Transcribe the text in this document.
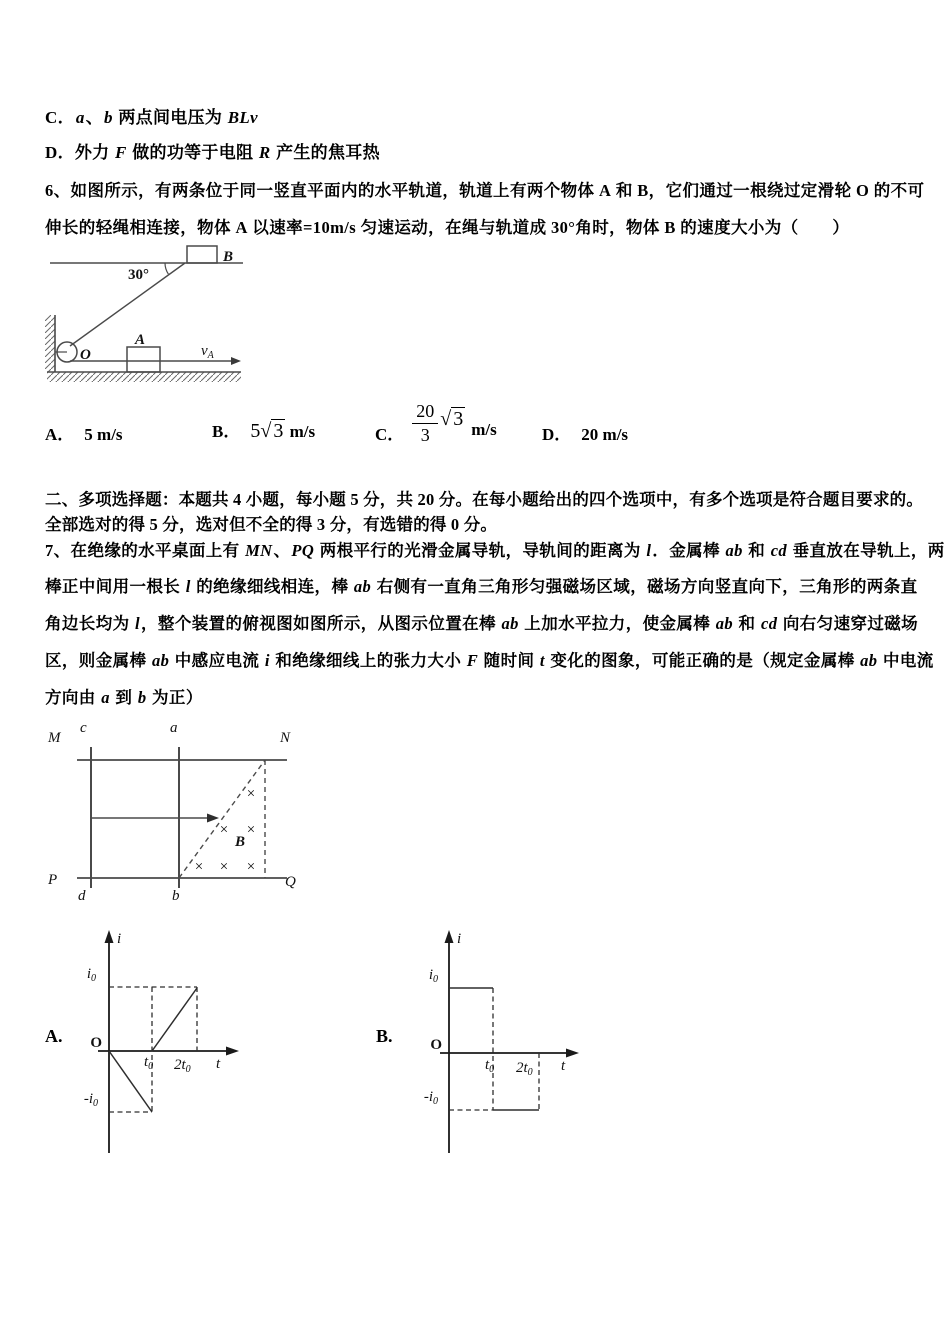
C．a、b 两点间电压为 BLv
D．外力 F 做的功等于电阻 R 产生的焦耳热
6、如图所示，有两条位于同一竖直平面内的水平轨道，轨道上有两个物体 A 和 B，它们通过一根绕过定滑轮 O 的不可
伸长的轻绳相连接，物体 A 以速率=10m/s 匀速运动，在绳与轨道成 30°角时，物体 B 的速度大小为（　　）
B
30°
O
A
$v_A$
A． 5 m/s	B． 5√ 3 m/s	C． $\frac{20}{3}$ √ 3 m/s	D． 20 m/s
二、多项选择题：本题共 4 小题，每小题 5 分，共 20 分。在每小题给出的四个选项中，有多个选项是符合题目要求的。
全部选对的得 5 分，选对但不全的得 3 分，有选错的得 0 分。
7、在绝缘的水平桌面上有 MN、PQ 两根平行的光滑金属导轨，导轨间的距离为 l．金属棒 ab 和 cd 垂直放在导轨上，两
棒正中间用一根长 l 的绝缘细线相连，棒 ab 右侧有一直角三角形匀强磁场区域，磁场方向竖直向下，三角形的两条直
角边长均为 l，整个装置的俯视图如图所示，从图示位置在棒 ab 上加水平拉力，使金属棒 ab 和 cd 向右匀速穿过磁场
区，则金属棒 ab 中感应电流 i 和绝缘细线上的张力大小 F 随时间 t 变化的图象，可能正确的是（规定金属棒 ab 中电流
方向由 a 到 b 为正）
×
× ×
× × ×
M	N
P	Q
c	a
d	b
B
A.	B.
i
$i_0$
O
$-i_0$
$t_0$ $2t_0$ t
i
$i_0$
O
$-i_0$
$t_0$ $2t_0$ t
